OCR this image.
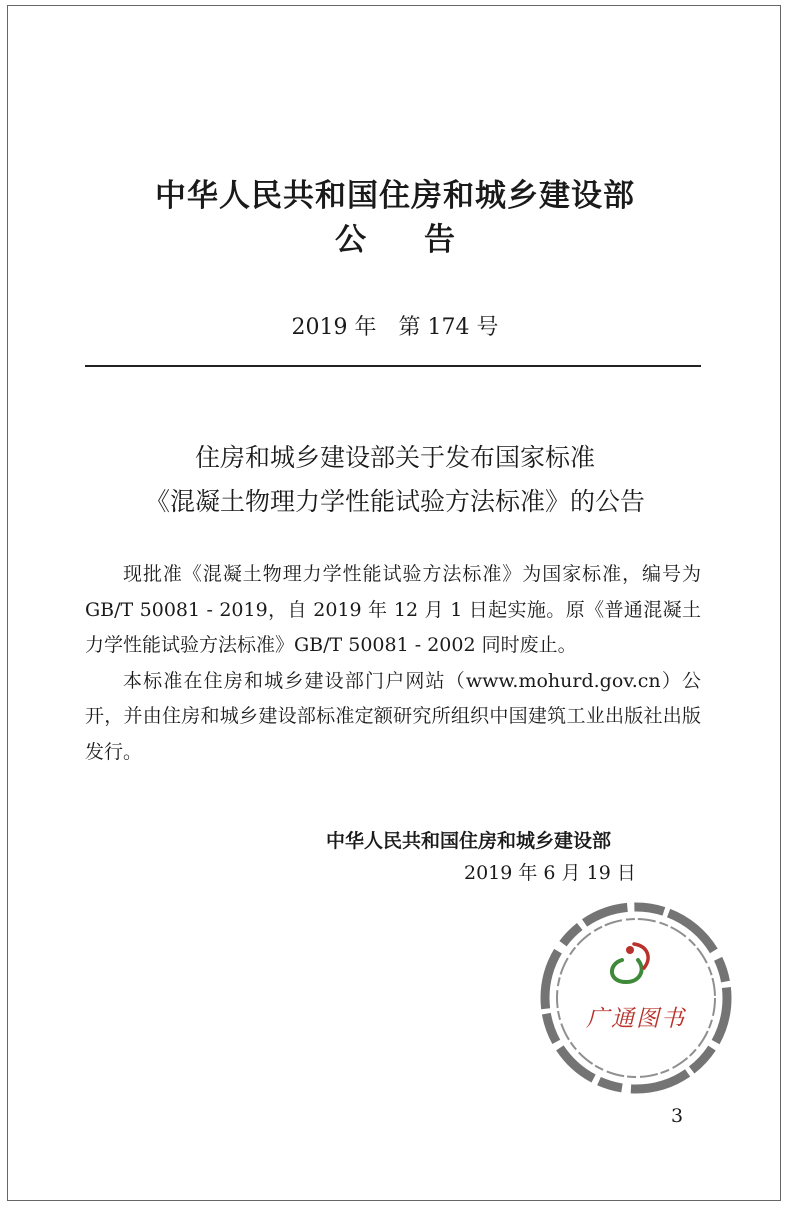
中华人民共和国住房和城乡建设部
公 告
2019 年 第 174 号
住房和城乡建设部关于发布国家标准
《混凝土物理力学性能试验方法标准》的公告

现批准《混凝土物理力学性能试验方法标准》为国家标准，编号为 GB/T 50081 - 2019，自 2019 年 12 月 1 日起实施。原《普通混凝土力学性能试验方法标准》GB/T 50081 - 2002 同时废止。

本标准在住房和城乡建设部门户网站（www.mohurd.gov.cn）公开，并由住房和城乡建设部标准定额研究所组织中国建筑工业出版社出版发行。

中华人民共和国住房和城乡建设部
2019 年 6 月 19 日
广通图书
3
